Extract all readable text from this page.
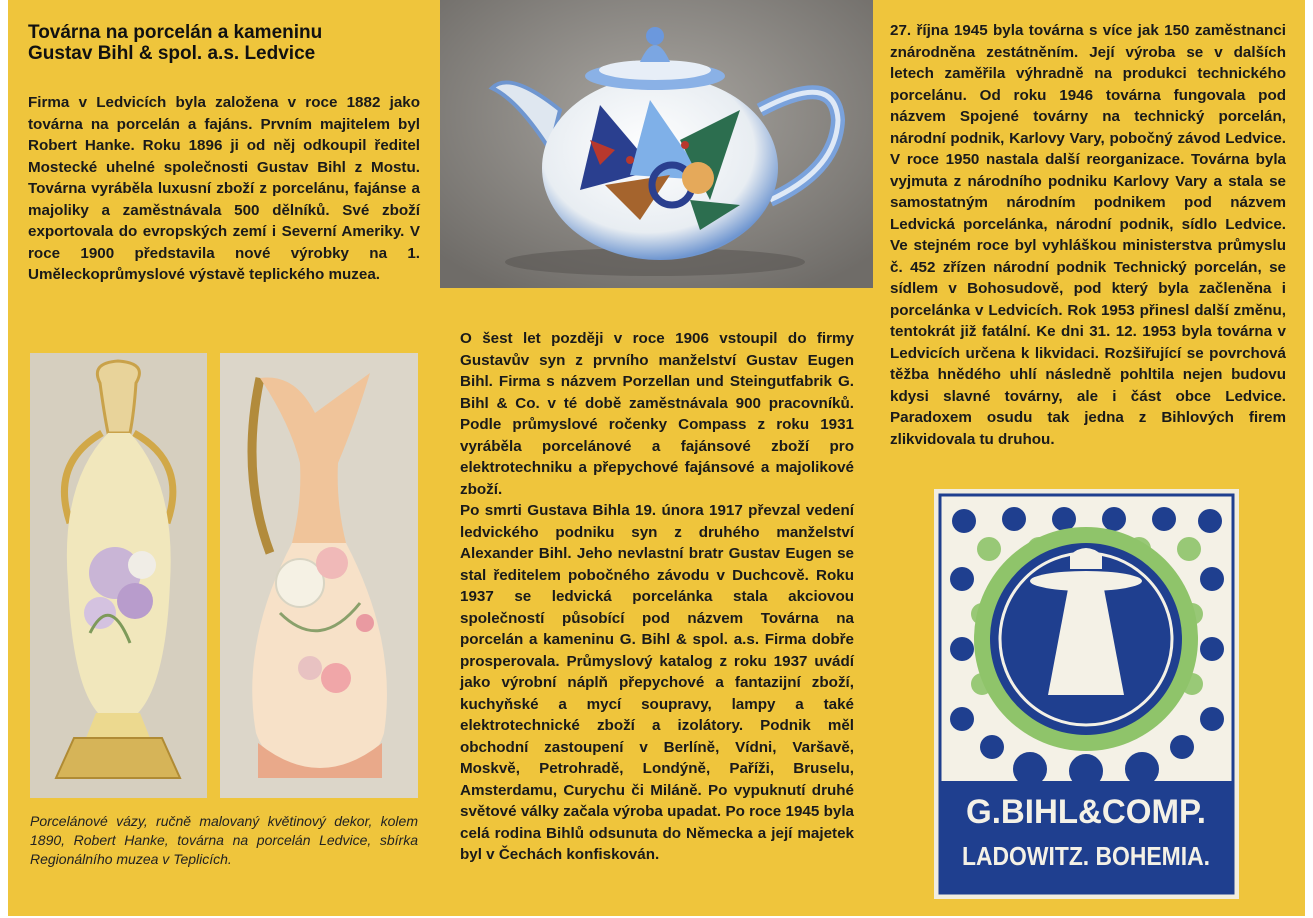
Továrna na porcelán a kameninu
Gustav Bihl & spol. a.s. Ledvice

Firma v Ledvicích byla založena v roce 1882 jako továrna na porcelán a fajáns. Prvním majitelem byl Robert Hanke. Roku 1896 ji od něj odkoupil ředitel Mostecké uhelné společnosti Gustav Bihl z Mostu. Továrna vyráběla luxusní zboží z porcelánu, fajánse a majoliky a zaměstnávala 500 dělníků. Své zboží exportovala do evropských zemí i Severní Ameriky. V roce 1900 představila nové výrobky na 1. Uměleckoprůmyslové výstavě teplického muzea.

Porcelánové vázy, ručně malovaný květinový dekor, kolem 1890, Robert Hanke, továrna na porcelán Ledvice, sbírka Regionálního muzea v Teplicích.

O šest let později v roce 1906 vstoupil do firmy Gustavův syn z prvního manželství Gustav Eugen Bihl. Firma s názvem Porzellan und Steingutfabrik G. Bihl & Co. v té době zaměstnávala 900 pracovníků. Podle průmyslové ročenky Compass z roku 1931 vyráběla porcelánové a fajánsové zboží pro elektrotechniku a přepychové fajánsové a majolikové zboží.
Po smrti Gustava Bihla 19. února 1917 převzal vedení ledvického podniku syn z druhého manželství Alexander Bihl. Jeho nevlastní bratr Gustav Eugen se stal ředitelem pobočného závodu v Duchcově. Roku 1937 se ledvická porcelánka stala akciovou společností působící pod názvem Továrna na porcelán a kameninu G. Bihl & spol. a.s. Firma dobře prosperovala. Průmyslový katalog z roku 1937 uvádí jako výrobní náplň přepychové a fantazijní zboží, kuchyňské a mycí soupravy, lampy a také elektrotechnické zboží a izolátory. Podnik měl obchodní zastoupení v Berlíně, Vídni, Varšavě, Moskvě, Petrohradě, Londýně, Paříži, Bruselu, Amsterdamu, Curychu či Miláně. Po vypuknutí druhé světové války začala výroba upadat. Po roce 1945 byla celá rodina Bihlů odsunuta do Německa a její majetek byl v Čechách konfiskován.

27. října 1945 byla továrna s více jak 150 zaměstnanci znárodněna zestátněním. Její výroba se v dalších letech zaměřila výhradně na produkci technického porcelánu. Od roku 1946 továrna fungovala pod názvem Spojené továrny na technický porcelán, národní podnik, Karlovy Vary, pobočný závod Ledvice. V roce 1950 nastala další reorganizace. Továrna byla vyjmuta z národního podniku Karlovy Vary a stala se samostatným národním podnikem pod názvem Ledvická porcelánka, národní podnik, sídlo Ledvice. Ve stejném roce byl vyhláškou ministerstva průmyslu č. 452 zřízen národní podnik Technický porcelán, se sídlem v Bohosudově, pod který byla začleněna i porcelánka v Ledvicích. Rok 1953 přinesl další změnu, tentokrát již fatální. Ke dni 31. 12. 1953 byla továrna v Ledvicích určena k likvidaci. Rozšiřující se povrchová těžba hnědého uhlí následně pohltila nejen budovu kdysi slavné továrny, ale i část obce Ledvice. Paradoxem osudu tak jedna z Bihlových firem zlikvidovala tu druhou.

G.BIHL&COMP.
LADOWITZ. BOHEMIA.
